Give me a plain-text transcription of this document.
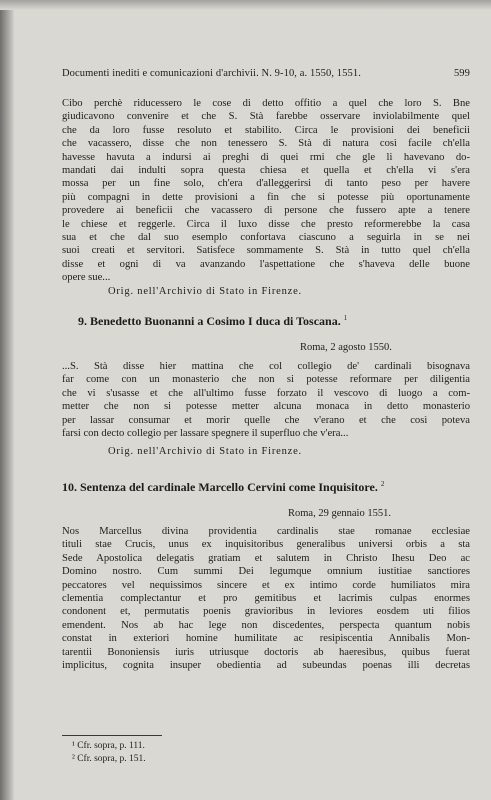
Documenti inediti e comunicazioni d'archivii. N. 9-10, a. 1550, 1551.	599
Cibo perchè riducessero le cose di detto offitio a quel che loro S. Bne
giudicavono convenire et che S. Stà farebbe osservare inviolabilmente quel
che da loro fusse resoluto et stabilito. Circa le provisioni dei beneficii
che vacassero, disse che non tenessero S. Stà di natura così facile ch'ella
havesse havuta a indursi ai preghi di quei rmi che gle li havevano do-
mandati dai indulti sopra questa chiesa et quella et ch'ella vi s'era
mossa per un fine solo, ch'era d'alleggerirsi di tanto peso per havere
più compagni in dette provisioni a fin che si potesse più oportunamente
provedere ai beneficii che vacassero di persone che fussero apte a tenere
le chiese et reggerle. Circa il luxo disse che presto reformerebbe la casa
sua et che dal suo esemplo confortava ciascuno a seguirla in se nei
suoi creati et servitori. Satisfece sommamente S. Stà in tutto quel ch'ella
disse et ogni di va avanzando l'aspettatione che s'haveva delle buone
opere sue...
Orig. nell'Archivio di Stato in Firenze.
9. Benedetto Buonanni a Cosimo I duca di Toscana. $^1$
Roma, 2 agosto 1550.
...S. Stà disse hier mattina che col collegio de' cardinali bisognava
far come con un monasterio che non si potesse reformare per diligentia
che vi s'usasse et che all'ultimo fusse forzato il vescovo di luogo a com-
metter che non si potesse metter alcuna monaca in detto monasterio
per lassar consumar et morir quelle che v'erano et che così poteva
farsi con decto collegio per lassare spegnere il superfluo che v'era...
Orig. nell'Archivio di Stato in Firenze.
10. Sentenza del cardinale Marcello Cervini come Inquisitore. $^2$
Roma, 29 gennaio 1551.
Nos Marcellus divina providentia cardinalis stae romanae ecclesiae
tituli stae Crucis, unus ex inquisitoribus generalibus universi orbis a sta
Sede Apostolica delegatis gratiam et salutem in Christo Ihesu Deo ac
Domino nostro. Cum summi Dei legumque omnium iustitiae sanctiores
peccatores vel nequissimos sincere et ex intimo corde humiliatos mira
clementia complectantur et pro gemitibus et lacrimis culpas enormes
condonent et, permutatis poenis gravioribus in leviores eosdem uti filios
emendent. Nos ab hac lege non discedentes, perspecta quantum nobis
constat in exteriori homine humilitate ac resipiscentia Annibalis Mon-
tarentii Bononiensis iuris utriusque doctoris ab haeresibus, quibus fuerat
implicitus, cognita insuper obedientia ad subeundas poenas illi decretas
¹ Cfr. sopra, p. 111.
² Cfr. sopra, p. 151.
